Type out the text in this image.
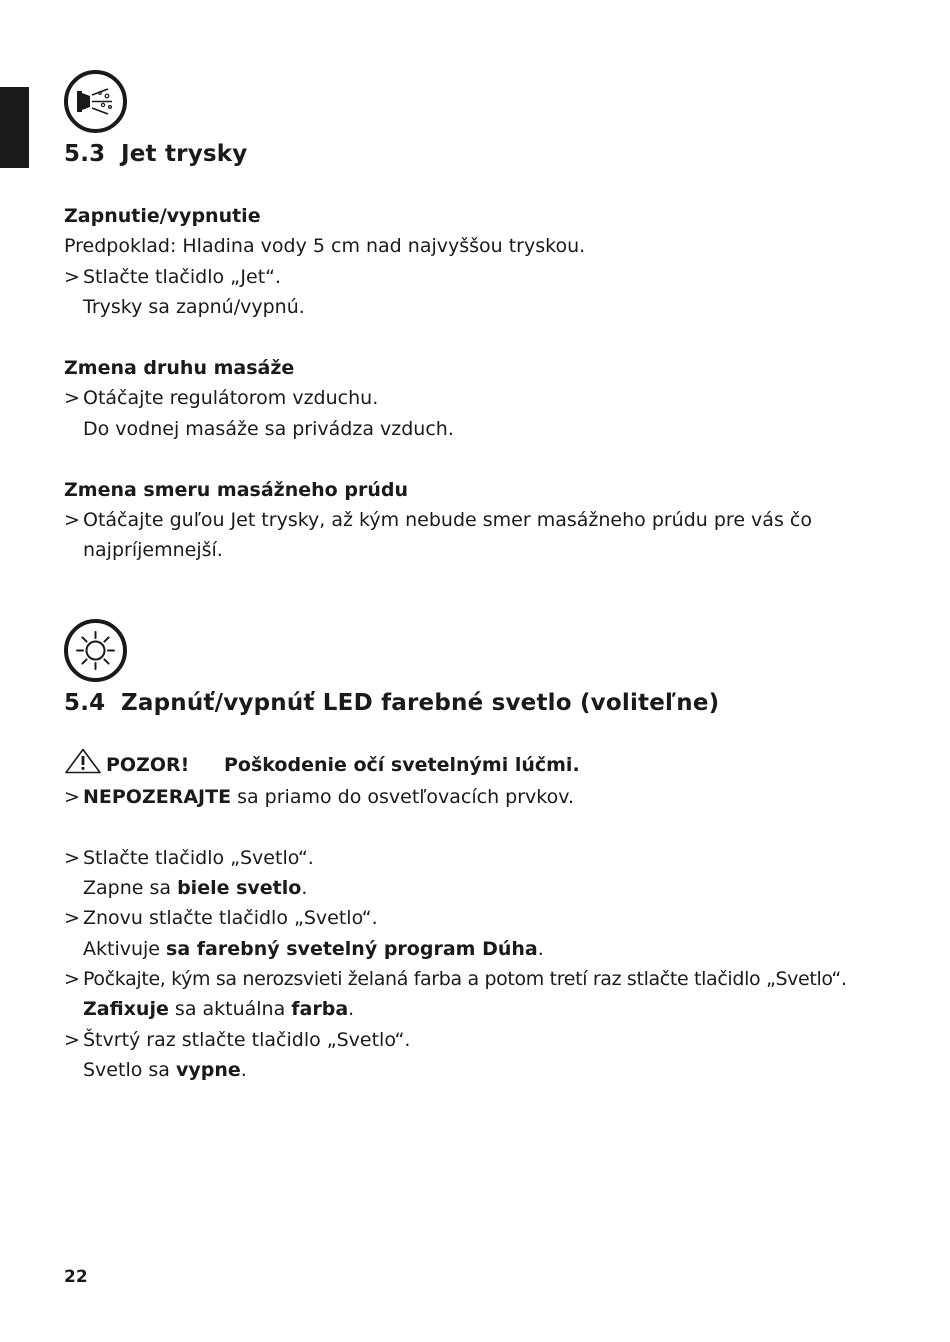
5.3 Jet trysky
Zapnutie/vypnutie
Predpoklad: Hladina vody 5 cm nad najvyššou tryskou.
> Stlačte tlačidlo „Jet“.
Trysky sa zapnú/vypnú.
Zmena druhu masáže
> Otáčajte regulátorom vzduchu.
Do vodnej masáže sa privádza vzduch.
Zmena smeru masážneho prúdu
> Otáčajte guľou Jet trysky, až kým nebude smer masážneho prúdu pre vás čo
najpríjemnejší.
5.4 Zapnúť/vypnúť LED farebné svetlo (voliteľne)
POZOR! Poškodenie očí svetelnými lúčmi.
> NEPOZERAJTE sa priamo do osvetľovacích prvkov.
> Stlačte tlačidlo „Svetlo“.
Zapne sa biele svetlo.
> Znovu stlačte tlačidlo „Svetlo“.
Aktivuje sa farebný svetelný program Dúha.
> Počkajte, kým sa nerozsvieti želaná farba a potom tretí raz stlačte tlačidlo „Svetlo“.
Zafixuje sa aktuálna farba.
> Štvrtý raz stlačte tlačidlo „Svetlo“.
Svetlo sa vypne.
22
